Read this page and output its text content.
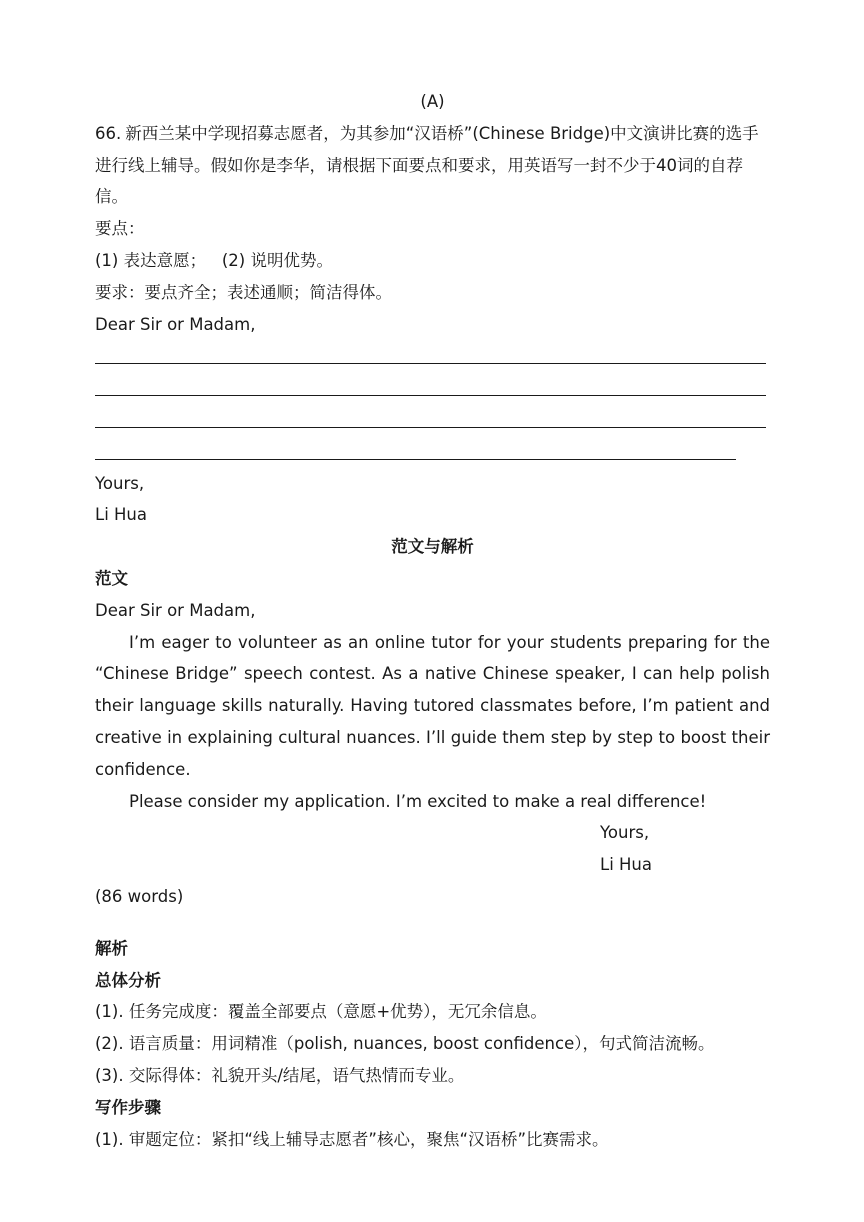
(A)
66. 新西兰某中学现招募志愿者，为其参加“汉语桥”(Chinese Bridge)中文演讲比赛的选手
进行线上辅导。假如你是李华，请根据下面要点和要求，用英语写一封不少于40词的自荐
信。
要点：
(1) 表达意愿；   (2) 说明优势。
要求：要点齐全；表述通顺；简洁得体。
Dear Sir or Madam,
Yours,
Li Hua
范文与解析
范文
Dear Sir or Madam,
I’m eager to volunteer as an online tutor for your students preparing for the “Chinese Bridge” speech contest. As a native Chinese speaker, I can help polish their language skills naturally. Having tutored classmates before, I’m patient and creative in explaining cultural nuances. I’ll guide them step by step to boost their confidence.
Please consider my application. I’m excited to make a real difference!
Yours,
Li Hua
(86 words)
解析
总体分析
(1). 任务完成度：覆盖全部要点（意愿+优势），无冗余信息。
(2). 语言质量：用词精准（polish, nuances, boost confidence），句式简洁流畅。
(3). 交际得体：礼貌开头/结尾，语气热情而专业。
写作步骤
(1). 审题定位：紧扣“线上辅导志愿者”核心，聚焦“汉语桥”比赛需求。
